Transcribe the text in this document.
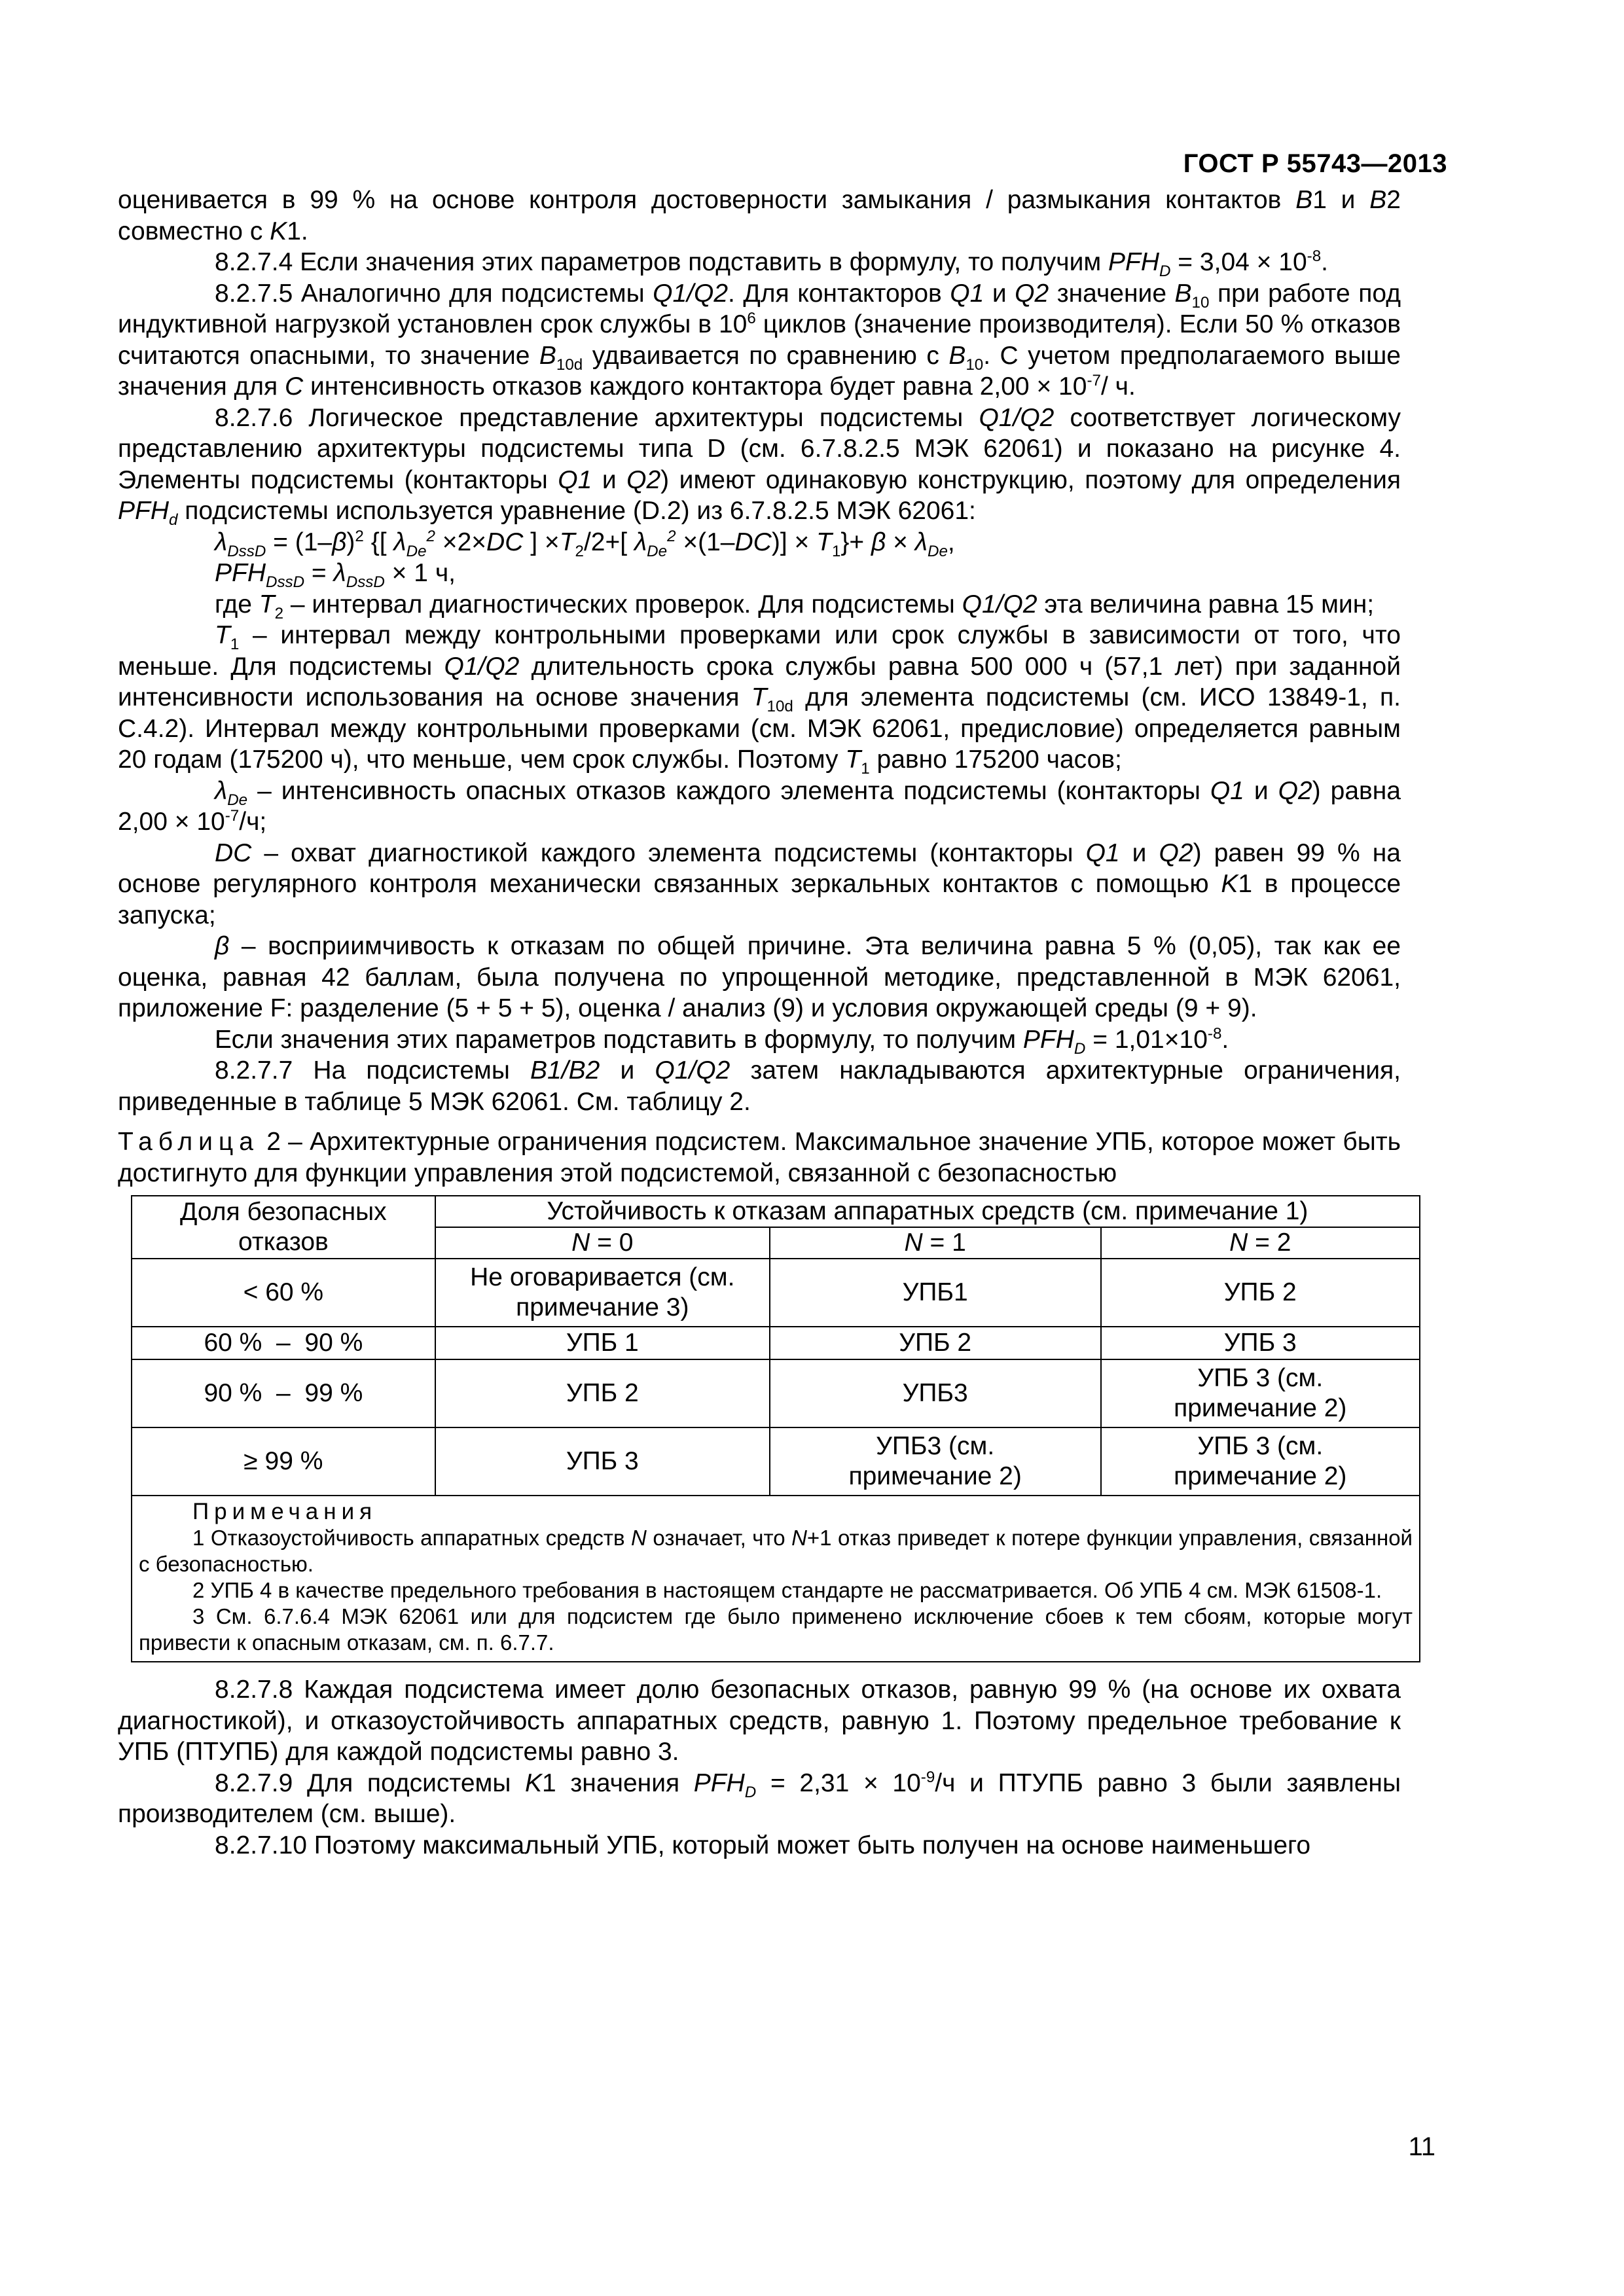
ГОСТ Р 55743—2013

оценивается в 99 % на основе контроля достоверности замыкания / размыкания контактов B1 и B2 совместно с K1.

8.2.7.4 Если значения этих параметров подставить в формулу, то получим $PFH_D = 3,04 \times 10^{-8}$.

8.2.7.5 Аналогично для подсистемы Q1/Q2. Для контакторов Q1 и Q2 значение $B_{10}$ при работе под индуктивной нагрузкой установлен срок службы в $10^6$ циклов (значение производителя). Если 50 % отказов считаются опасными, то значение $B_{10d}$ удваивается по сравнению с $B_{10}$. С учетом предполагаемого выше значения для C интенсивность отказов каждого контактора будет равна $2,00 \times 10^{-7}/$ ч.

8.2.7.6 Логическое представление архитектуры подсистемы Q1/Q2 соответствует логическому представлению архитектуры подсистемы типа D (см. 6.7.8.2.5 МЭК 62061) и показано на рисунке 4. Элементы подсистемы (контакторы Q1 и Q2) имеют одинаковую конструкцию, поэтому для определения $PFH_d$ подсистемы используется уравнение (D.2) из 6.7.8.2.5 МЭК 62061:

$\lambda_{DssD} = (1-\beta)^2$ {[ $\lambda_{De}^2 \times 2\times DC$ ] $\times T_2/2+$[ $\lambda_{De}^2 \times(1-DC)] \times T_1\}+ \beta \times \lambda_{De}$,

$PFH_{DssD} = \lambda_{DssD} \times 1$ ч,

где $T_2$ – интервал диагностических проверок. Для подсистемы Q1/Q2 эта величина равна 15 мин;

$T_1$ – интервал между контрольными проверками или срок службы в зависимости от того, что меньше. Для подсистемы Q1/Q2 длительность срока службы равна 500 000 ч (57,1 лет) при заданной интенсивности использования на основе значения $T_{10d}$ для элемента подсистемы (см. ИСО 13849-1, п. С.4.2). Интервал между контрольными проверками (см. МЭК 62061, предисловие) определяется равным 20 годам (175200 ч), что меньше, чем срок службы. Поэтому $T_1$ равно 175200 часов;

$\lambda_{De}$ – интенсивность опасных отказов каждого элемента подсистемы (контакторы Q1 и Q2) равна $2,00 \times 10^{-7}/ч$;

DC – охват диагностикой каждого элемента подсистемы (контакторы Q1 и Q2) равен 99 % на основе регулярного контроля механически связанных зеркальных контактов с помощью K1 в процессе запуска;

β – восприимчивость к отказам по общей причине. Эта величина равна 5 % (0,05), так как ее оценка, равная 42 баллам, была получена по упрощенной методике, представленной в МЭК 62061, приложение F: разделение (5 + 5 + 5), оценка / анализ (9) и условия окружающей среды (9 + 9).

Если значения этих параметров подставить в формулу, то получим $PFH_D = 1,01\times 10^{-8}$.

8.2.7.7 На подсистемы B1/B2 и Q1/Q2 затем накладываются архитектурные ограничения, приведенные в таблице 5 МЭК 62061. См. таблицу 2.

Таблица 2 – Архитектурные ограничения подсистем. Максимальное значение УПБ, которое может быть достигнуто для функции управления этой подсистемой, связанной с безопасностью

Доля безопасных отказов	Устойчивость к отказам аппаратных средств (см. примечание 1)		
	N = 0	N = 1	N = 2
< 60 %	Не оговаривается (см. примечание 3)	УПБ1	УПБ 2
60 %  –  90 %	УПБ 1	УПБ 2	УПБ 3
90 %  –  99 %	УПБ 2	УПБ3	УПБ 3 (см. примечание 2)
≥ 99 %	УПБ 3	УПБ3 (см. примечание 2)	УПБ 3 (см. примечание 2)

Примечания

1 Отказоустойчивость аппаратных средств N означает, что N+1 отказ приведет к потере функции управления, связанной с безопасностью.

2 УПБ 4 в качестве предельного требования в настоящем стандарте не рассматривается. Об УПБ 4 см. МЭК 61508-1.

3 См. 6.7.6.4 МЭК 62061 или для подсистем где было применено исключение сбоев к тем сбоям, которые могут привести к опасным отказам, см. п. 6.7.7.			

8.2.7.8 Каждая подсистема имеет долю безопасных отказов, равную 99 % (на основе их охвата диагностикой), и отказоустойчивость аппаратных средств, равную 1. Поэтому предельное требование к УПБ (ПТУПБ) для каждой подсистемы равно 3.

8.2.7.9 Для подсистемы K1 значения $PFH_D = 2,31 \times 10^{-9}/ч$ и ПТУПБ равно 3 были заявлены производителем (см. выше).

8.2.7.10 Поэтому максимальный УПБ, который может быть получен на основе наименьшего

11
